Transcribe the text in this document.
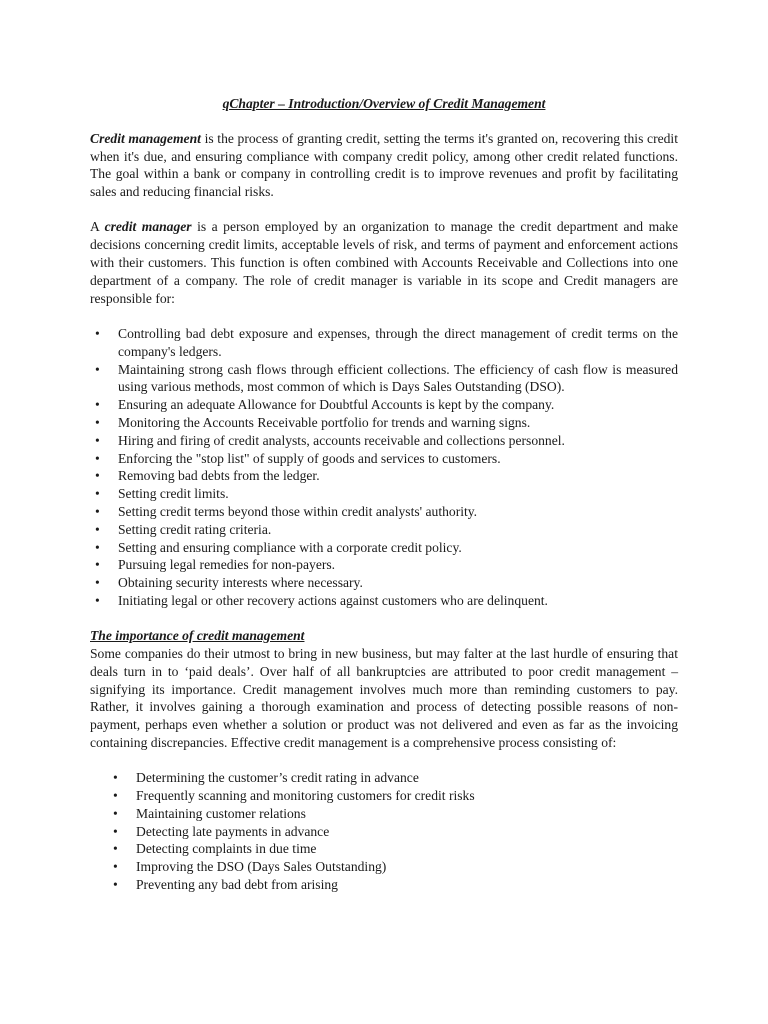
qChapter – Introduction/Overview of Credit Management

Credit management is the process of granting credit, setting the terms it's granted on, recovering this credit when it's due, and ensuring compliance with company credit policy, among other credit related functions. The goal within a bank or company in controlling credit is to improve revenues and profit by facilitating sales and reducing financial risks.

A credit manager is a person employed by an organization to manage the credit department and make decisions concerning credit limits, acceptable levels of risk, and terms of payment and enforcement actions with their customers. This function is often combined with Accounts Receivable and Collections into one department of a company. The role of credit manager is variable in its scope and Credit managers are responsible for:

• Controlling bad debt exposure and expenses, through the direct management of credit terms on the company's ledgers.
• Maintaining strong cash flows through efficient collections. The efficiency of cash flow is measured using various methods, most common of which is Days Sales Outstanding (DSO).
• Ensuring an adequate Allowance for Doubtful Accounts is kept by the company.
• Monitoring the Accounts Receivable portfolio for trends and warning signs.
• Hiring and firing of credit analysts, accounts receivable and collections personnel.
• Enforcing the "stop list" of supply of goods and services to customers.
• Removing bad debts from the ledger.
• Setting credit limits.
• Setting credit terms beyond those within credit analysts' authority.
• Setting credit rating criteria.
• Setting and ensuring compliance with a corporate credit policy.
• Pursuing legal remedies for non-payers.
• Obtaining security interests where necessary.
• Initiating legal or other recovery actions against customers who are delinquent.
The importance of credit management

Some companies do their utmost to bring in new business, but may falter at the last hurdle of ensuring that deals turn in to ‘paid deals’. Over half of all bankruptcies are attributed to poor credit management – signifying its importance. Credit management involves much more than reminding customers to pay. Rather, it involves gaining a thorough examination and process of detecting possible reasons of non-payment, perhaps even whether a solution or product was not delivered and even as far as the invoicing containing discrepancies. Effective credit management is a comprehensive process consisting of:

• Determining the customer’s credit rating in advance
• Frequently scanning and monitoring customers for credit risks
• Maintaining customer relations
• Detecting late payments in advance
• Detecting complaints in due time
• Improving the DSO (Days Sales Outstanding)
• Preventing any bad debt from arising
